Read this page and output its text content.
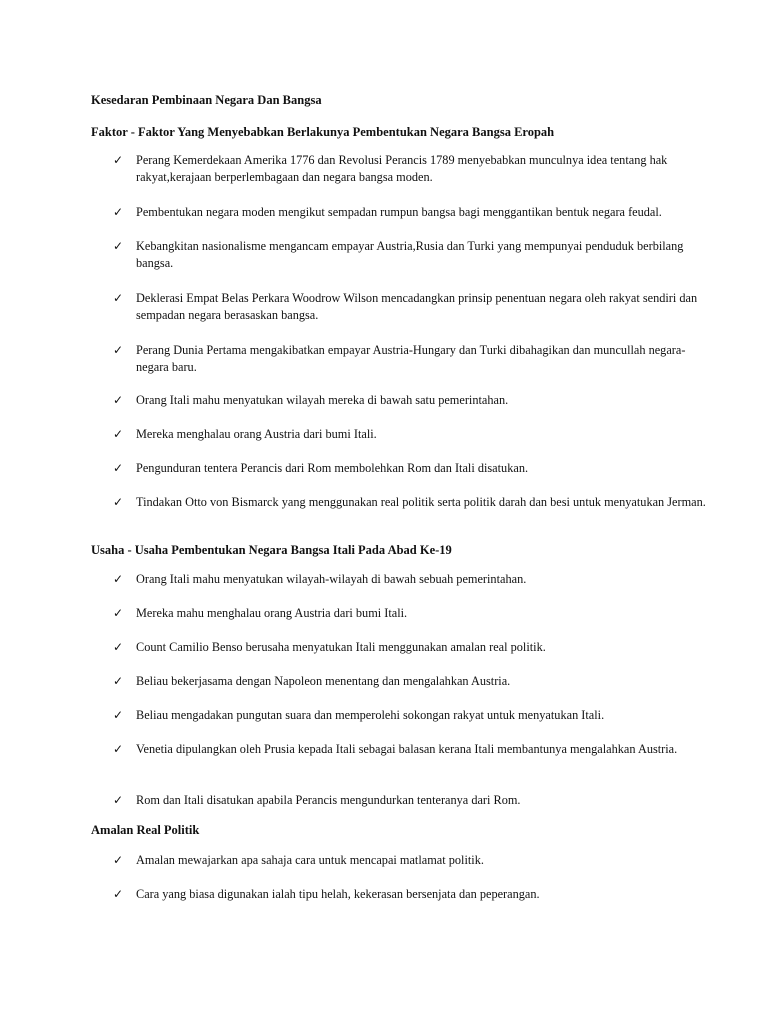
Kesedaran Pembinaan Negara Dan Bangsa
Faktor - Faktor Yang Menyebabkan Berlakunya Pembentukan Negara Bangsa Eropah
✓ Perang Kemerdekaan Amerika 1776 dan Revolusi Perancis 1789 menyebabkan munculnya idea tentang hak rakyat,kerajaan berperlembagaan dan negara bangsa moden.
✓ Pembentukan negara moden mengikut sempadan rumpun bangsa bagi menggantikan bentuk negara feudal.
✓ Kebangkitan nasionalisme mengancam empayar Austria,Rusia dan Turki yang mempunyai penduduk berbilang bangsa.
✓ Deklerasi Empat Belas Perkara Woodrow Wilson mencadangkan prinsip penentuan negara oleh rakyat sendiri dan sempadan negara berasaskan bangsa.
✓ Perang Dunia Pertama mengakibatkan empayar Austria-Hungary dan Turki dibahagikan dan muncullah negara-negara baru.
✓ Orang Itali mahu menyatukan wilayah mereka di bawah satu pemerintahan.
✓ Mereka menghalau orang Austria dari bumi Itali.
✓ Pengunduran tentera Perancis dari Rom membolehkan Rom dan Itali disatukan.
✓ Tindakan Otto von Bismarck yang menggunakan real politik serta politik darah dan besi untuk menyatukan Jerman.
Usaha - Usaha Pembentukan Negara Bangsa Itali Pada Abad Ke-19
✓ Orang Itali mahu menyatukan wilayah-wilayah di bawah sebuah pemerintahan.
✓ Mereka mahu menghalau orang Austria dari bumi Itali.
✓ Count Camilio Benso berusaha menyatukan Itali menggunakan amalan real politik.
✓ Beliau bekerjasama dengan Napoleon menentang dan mengalahkan Austria.
✓ Beliau mengadakan pungutan suara dan memperolehi sokongan rakyat untuk menyatukan Itali.
✓ Venetia dipulangkan oleh Prusia kepada Itali sebagai balasan kerana Itali membantunya mengalahkan Austria.
✓ Rom dan Itali disatukan apabila Perancis mengundurkan tenteranya dari Rom.
Amalan Real Politik
✓ Amalan mewajarkan apa sahaja cara untuk mencapai matlamat politik.
✓ Cara yang biasa digunakan ialah tipu helah, kekerasan bersenjata dan peperangan.
